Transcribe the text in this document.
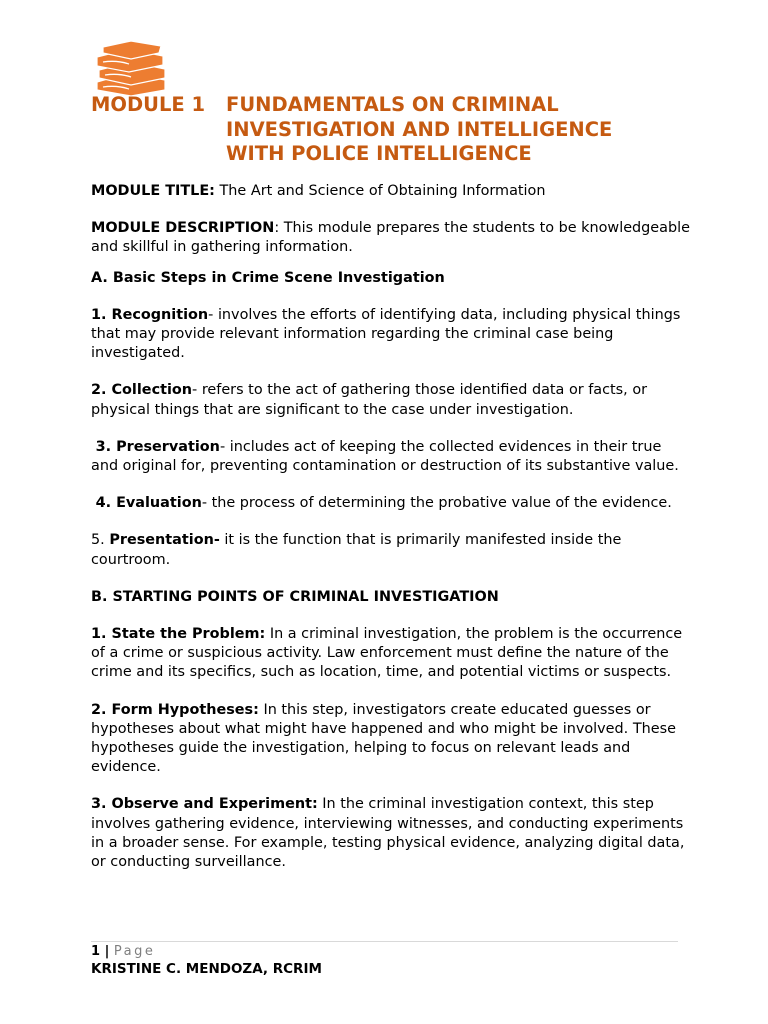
MODULE 1	FUNDAMENTALS ON CRIMINAL
INVESTIGATION AND INTELLIGENCE
WITH POLICE INTELLIGENCE

MODULE TITLE: The Art and Science of Obtaining Information

MODULE DESCRIPTION: This module prepares the students to be knowledgeable and skillful in gathering information.

A. Basic Steps in Crime Scene Investigation

1. Recognition- involves the efforts of identifying data, including physical things that may provide relevant information regarding the criminal case being investigated.

2. Collection- refers to the act of gathering those identified data or facts, or physical things that are significant to the case under investigation.

3. Preservation- includes act of keeping the collected evidences in their true and original for, preventing contamination or destruction of its substantive value.

4. Evaluation- the process of determining the probative value of the evidence.

5. Presentation- it is the function that is primarily manifested inside the courtroom.

B. STARTING POINTS OF CRIMINAL INVESTIGATION

1. State the Problem: In a criminal investigation, the problem is the occurrence of a crime or suspicious activity. Law enforcement must define the nature of the crime and its specifics, such as location, time, and potential victims or suspects.

2. Form Hypotheses: In this step, investigators create educated guesses or hypotheses about what might have happened and who might be involved. These hypotheses guide the investigation, helping to focus on relevant leads and evidence.

3. Observe and Experiment: In the criminal investigation context, this step involves gathering evidence, interviewing witnesses, and conducting experiments in a broader sense. For example, testing physical evidence, analyzing digital data, or conducting surveillance.

1 | Page
KRISTINE C. MENDOZA, RCRIM
